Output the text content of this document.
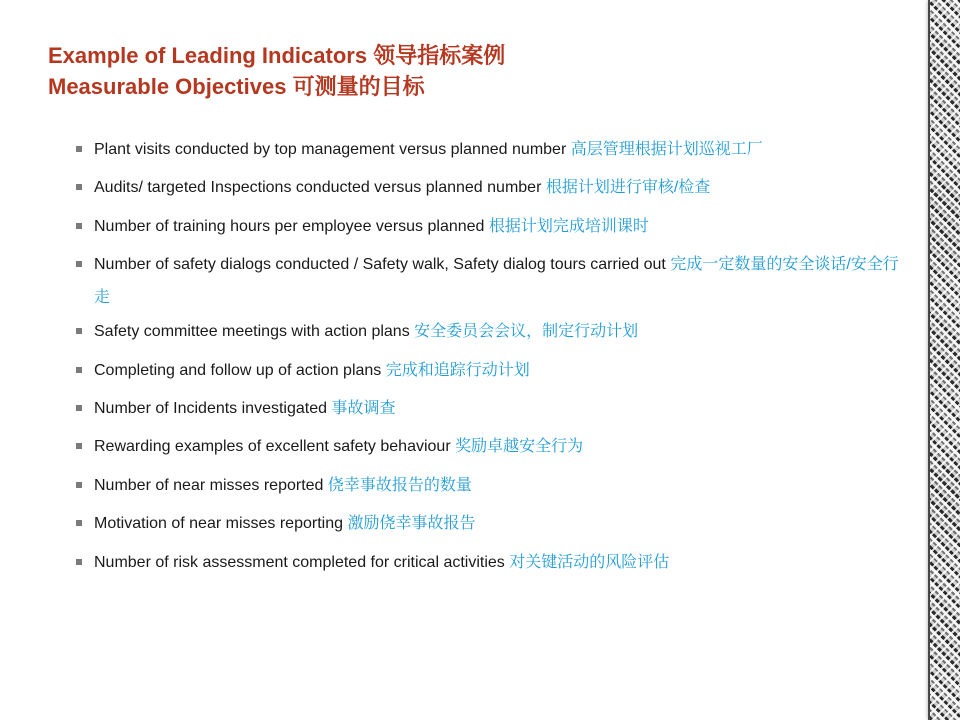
Example of Leading Indicators 领导指标案例
Measurable Objectives 可测量的目标
Plant visits conducted by top management versus planned number 高层管理根据计划巡视工厂
Audits/ targeted Inspections conducted versus planned number 根据计划进行审核/检查
Number of training hours per employee versus planned 根据计划完成培训课时
Number of safety dialogs conducted / Safety walk, Safety dialog tours carried out 完成一定数量的安全谈话/安全行走
Safety committee meetings with action plans 安全委员会会议，制定行动计划
Completing and follow up of action plans 完成和追踪行动计划
Number of Incidents investigated 事故调查
Rewarding examples of excellent safety behaviour 奖励卓越安全行为
Number of near misses reported 侥幸事故报告的数量
Motivation of near misses reporting 激励侥幸事故报告
Number of risk assessment completed for critical activities 对关键活动的风险评估
